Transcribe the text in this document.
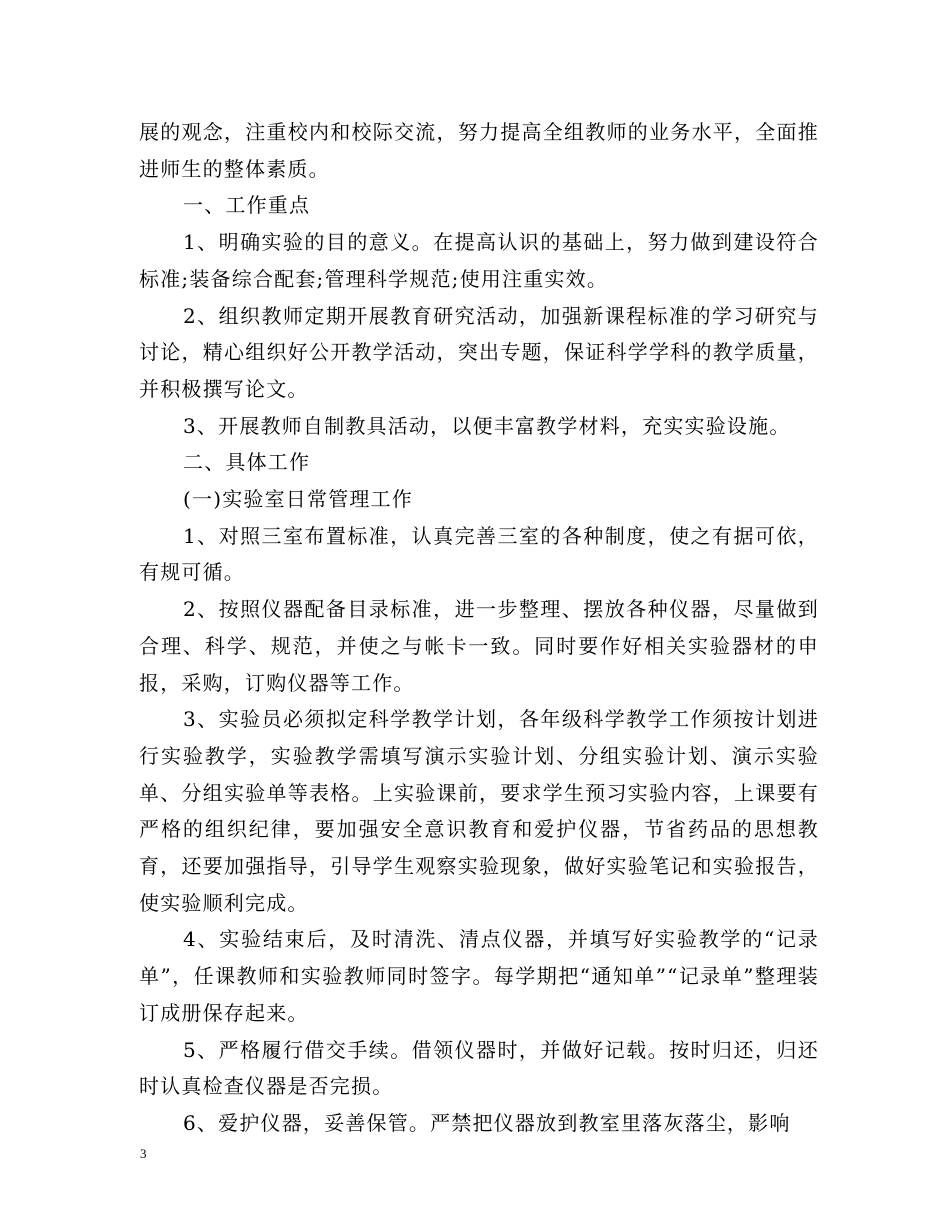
展的观念，注重校内和校际交流，努力提高全组教师的业务水平，全面推进师生的整体素质。

一、工作重点

1、明确实验的目的意义。在提高认识的基础上，努力做到建设符合标准;装备综合配套;管理科学规范;使用注重实效。

2、组织教师定期开展教育研究活动，加强新课程标准的学习研究与讨论，精心组织好公开教学活动，突出专题，保证科学学科的教学质量，并积极撰写论文。

3、开展教师自制教具活动，以便丰富教学材料，充实实验设施。

二、具体工作

(一)实验室日常管理工作

1、对照三室布置标准，认真完善三室的各种制度，使之有据可依，有规可循。

2、按照仪器配备目录标准，进一步整理、摆放各种仪器，尽量做到合理、科学、规范，并使之与帐卡一致。同时要作好相关实验器材的申报，采购，订购仪器等工作。

3、实验员必须拟定科学教学计划，各年级科学教学工作须按计划进行实验教学，实验教学需填写演示实验计划、分组实验计划、演示实验单、分组实验单等表格。上实验课前，要求学生预习实验内容，上课要有严格的组织纪律，要加强安全意识教育和爱护仪器，节省药品的思想教育，还要加强指导，引导学生观察实验现象，做好实验笔记和实验报告，使实验顺利完成。

4、实验结束后，及时清洗、清点仪器，并填写好实验教学的“记录单”，任课教师和实验教师同时签字。每学期把“通知单”“记录单”整理装订成册保存起来。

5、严格履行借交手续。借领仪器时，并做好记载。按时归还，归还时认真检查仪器是否完损。

6、爱护仪器，妥善保管。严禁把仪器放到教室里落灰落尘，影响

3
